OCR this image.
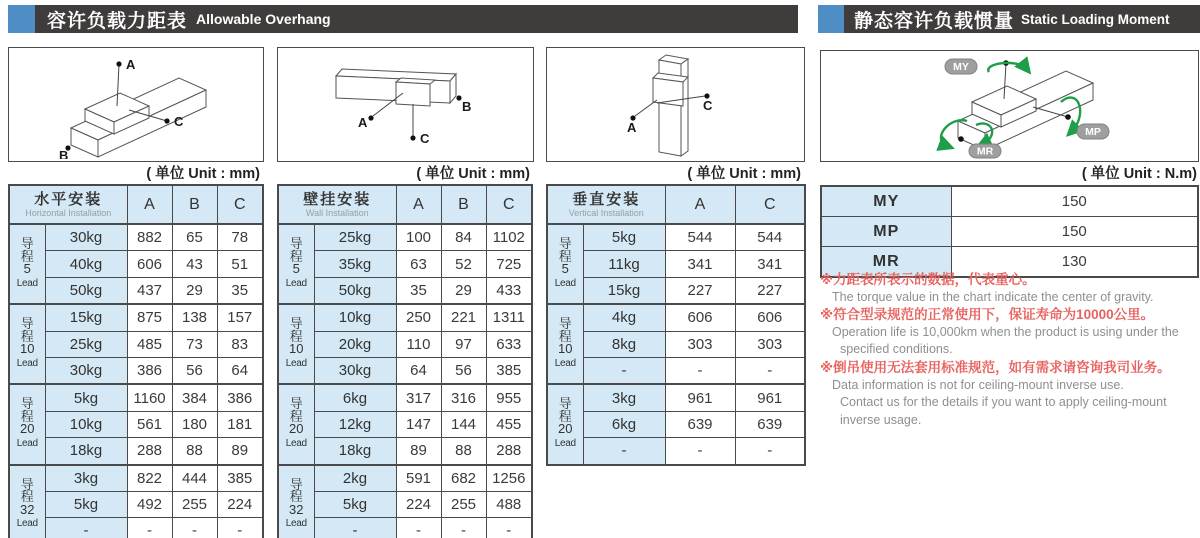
容许负载力距表 Allowable Overhang	静态容许负载惯量 Static Loading Moment
A
C
B
A
B
C
A
C
MY
MP
MR
( 单位 Unit : mm)	( 单位 Unit : mm)	( 单位 Unit : mm)	( 单位 Unit : N.m)
水平安装
Horizontal Installation		A	B	C
导
程
5
Lead	30kg	882	65	78
	40kg	606	43	51
	50kg	437	29	35
导
程
10
Lead	15kg	875	138	157
	25kg	485	73	83
	30kg	386	56	64
导
程
20
Lead	5kg	1160	384	386
	10kg	561	180	181
	18kg	288	88	89
导
程
32
Lead	3kg	822	444	385
	5kg	492	255	224
	-	-	-	-
壁挂安装
Wall Installation		A	B	C
导
程
5
Lead	25kg	100	84	1102
	35kg	63	52	725
	50kg	35	29	433
导
程
10
Lead	10kg	250	221	1311
	20kg	110	97	633
	30kg	64	56	385
导
程
20
Lead	6kg	317	316	955
	12kg	147	144	455
	18kg	89	88	288
导
程
32
Lead	2kg	591	682	1256
	5kg	224	255	488
	-	-	-	-
垂直安装
Vertical Installation		A	C
导
程
5
Lead	5kg	544	544
	11kg	341	341
	15kg	227	227
导
程
10
Lead	4kg	606	606
	8kg	303	303
	-	-	-
导
程
20
Lead	3kg	961	961
	6kg	639	639
	-	-	-
MY	150
MP	150
MR	130
※力距表所表示的数据，代表重心。
The torque value in the chart indicate the center of gravity.
※符合型录规范的正常使用下，保证寿命为10000公里。
Operation life is 10,000km when the product is using under the
specified conditions.
※倒吊使用无法套用标准规范，如有需求请咨询我司业务。
Data information is not for ceiling-mount inverse use.
Contact us for the details if you want to apply ceiling-mount
inverse usage.
